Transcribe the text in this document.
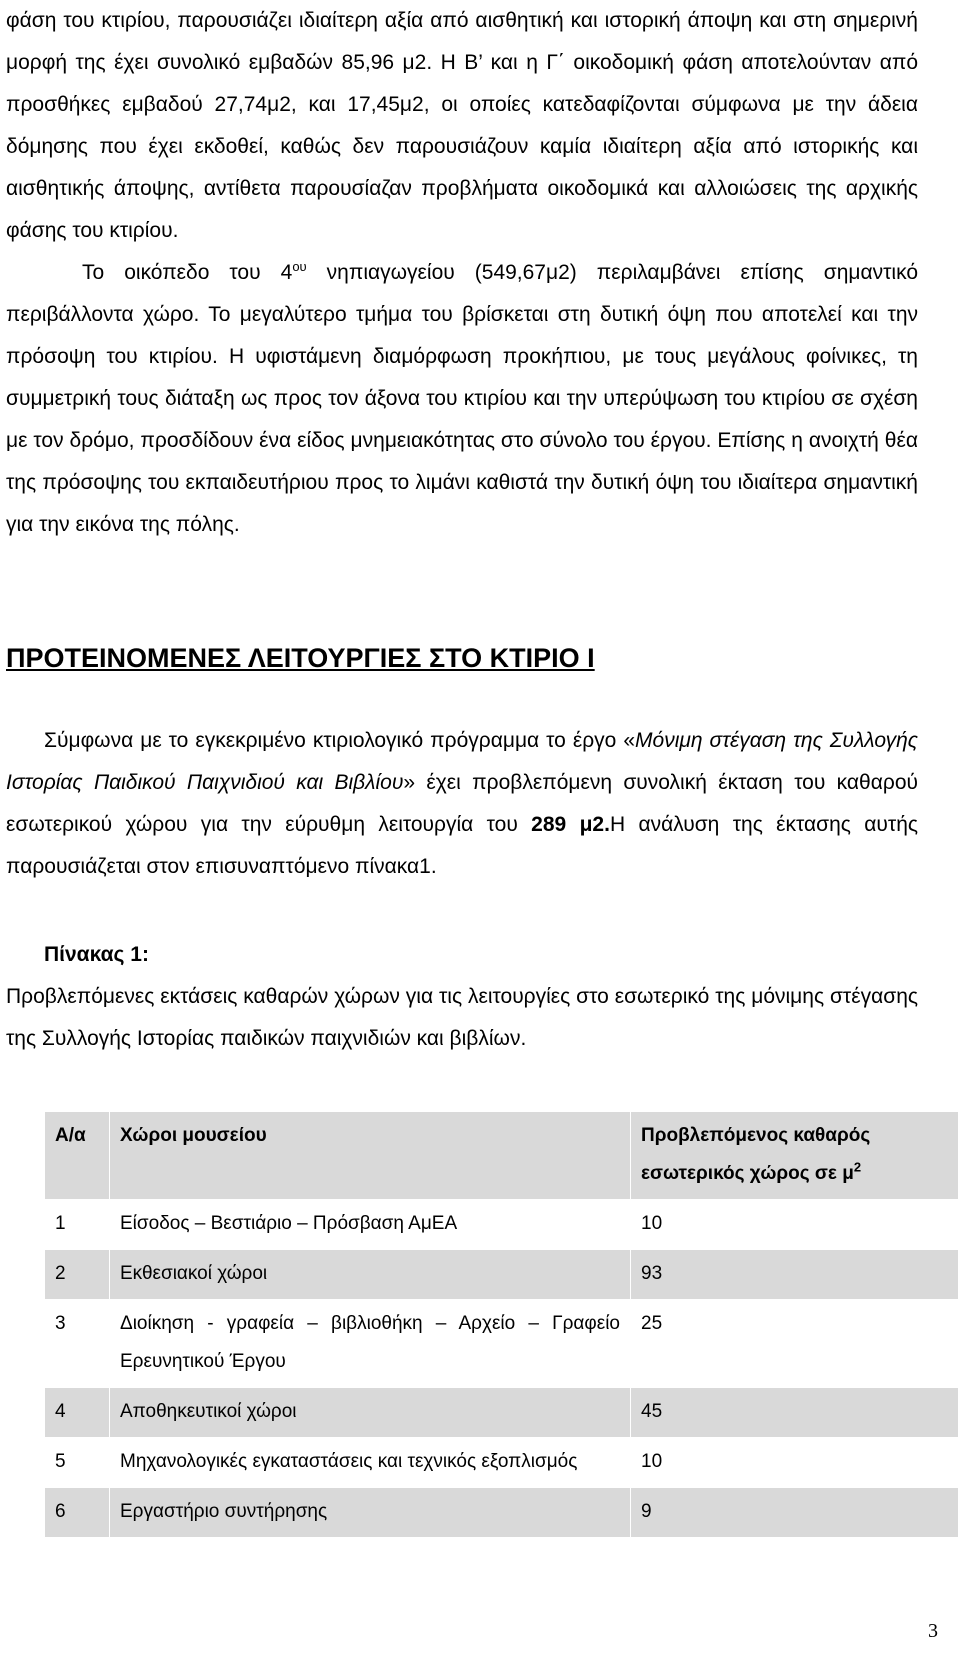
φάση του κτιρίου, παρουσιάζει ιδιαίτερη αξία από αισθητική και ιστορική άποψη και στη σημερινή μορφή της έχει συνολικό εμβαδών 85,96 μ2. Η Β’ και η Γ΄ οικοδομική φάση αποτελούνταν από προσθήκες εμβαδού 27,74μ2, και 17,45μ2, οι οποίες κατεδαφίζονται σύμφωνα με την άδεια δόμησης που έχει εκδοθεί, καθώς δεν παρουσιάζουν καμία ιδιαίτερη αξία από ιστορικής και αισθητικής άποψης, αντίθετα παρουσίαζαν προβλήματα οικοδομικά και αλλοιώσεις της αρχικής φάσης του κτιρίου.

Το οικόπεδο του $4^{o\upsilon}$ νηπιαγωγείου (549,67μ2) περιλαμβάνει επίσης σημαντικό περιβάλλοντα χώρο. Το μεγαλύτερο τμήμα του βρίσκεται στη δυτική όψη που αποτελεί και την πρόσοψη του κτιρίου. Η υφιστάμενη διαμόρφωση προκήπιου, με τους μεγάλους φοίνικες, τη συμμετρική τους διάταξη ως προς τον άξονα του κτιρίου και την υπερύψωση του κτιρίου σε σχέση με τον δρόμο, προσδίδουν ένα είδος μνημειακότητας στο σύνολο του έργου. Επίσης η ανοιχτή θέα της πρόσοψης του εκπαιδευτήριου προς το λιμάνι καθιστά την δυτική όψη του ιδιαίτερα σημαντική για την εικόνα της πόλης.

ΠΡΟΤΕΙΝΟΜΕΝΕΣ ΛΕΙΤΟΥΡΓΙΕΣ ΣΤΟ ΚΤΙΡΙΟ Ι

Σύμφωνα με το εγκεκριμένο κτιριολογικό πρόγραμμα το έργο «Μόνιμη στέγαση της Συλλογής Ιστορίας Παιδικού Παιχνιδιού και Βιβλίου» έχει προβλεπόμενη συνολική έκταση του καθαρού εσωτερικού χώρου για την εύρυθμη λειτουργία του 289 μ2.Η ανάλυση της έκτασης αυτής παρουσιάζεται στον επισυναπτόμενο πίνακα1.

Πίνακας 1:

Προβλεπόμενες εκτάσεις καθαρών χώρων για τις λειτουργίες στο εσωτερικό της μόνιμης στέγασης της Συλλογής Ιστορίας παιδικών παιχνιδιών και βιβλίων.

Α/α	Χώροι μουσείου	Προβλεπόμενος καθαρός εσωτερικός χώρος σε $\mu^2$
1	Είσοδος – Βεστιάριο – Πρόσβαση ΑμΕΑ	10
2	Εκθεσιακοί χώροι	93
3	Διοίκηση - γραφεία – βιβλιοθήκη – Αρχείο – Γραφείο Ερευνητικού Έργου	25
4	Αποθηκευτικοί χώροι	45
5	Μηχανολογικές εγκαταστάσεις και τεχνικός εξοπλισμός	10
6	Εργαστήριο συντήρησης	9
3
